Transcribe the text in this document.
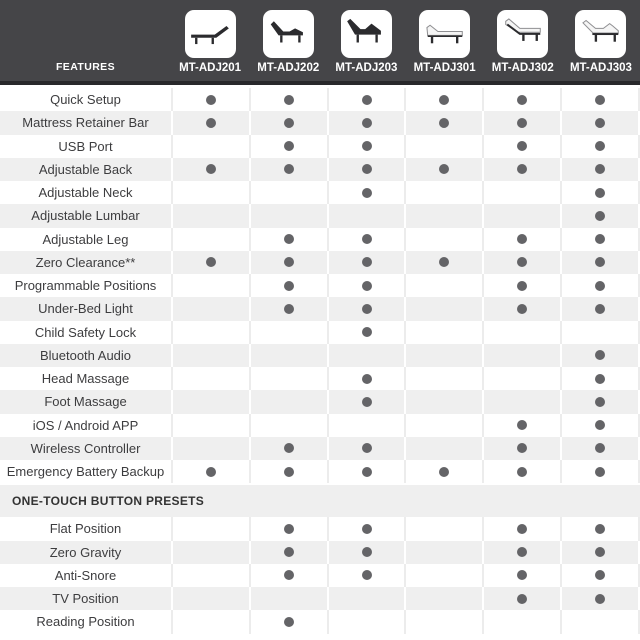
FEATURES	MT-ADJ201 MT-ADJ202 MT-ADJ203 MT-ADJ301 MT-ADJ302 MT-ADJ303
Quick Setup
Mattress Retainer Bar
USB Port
Adjustable Back
Adjustable Neck
Adjustable Lumbar
Adjustable Leg
Zero Clearance**
Programmable Positions
Under-Bed Light
Child Safety Lock
Bluetooth Audio
Head Massage
Foot Massage
iOS / Android APP
Wireless Controller
Emergency Battery Backup
ONE-TOUCH BUTTON PRESETS
Flat Position
Zero Gravity
Anti-Snore
TV Position
Reading Position
